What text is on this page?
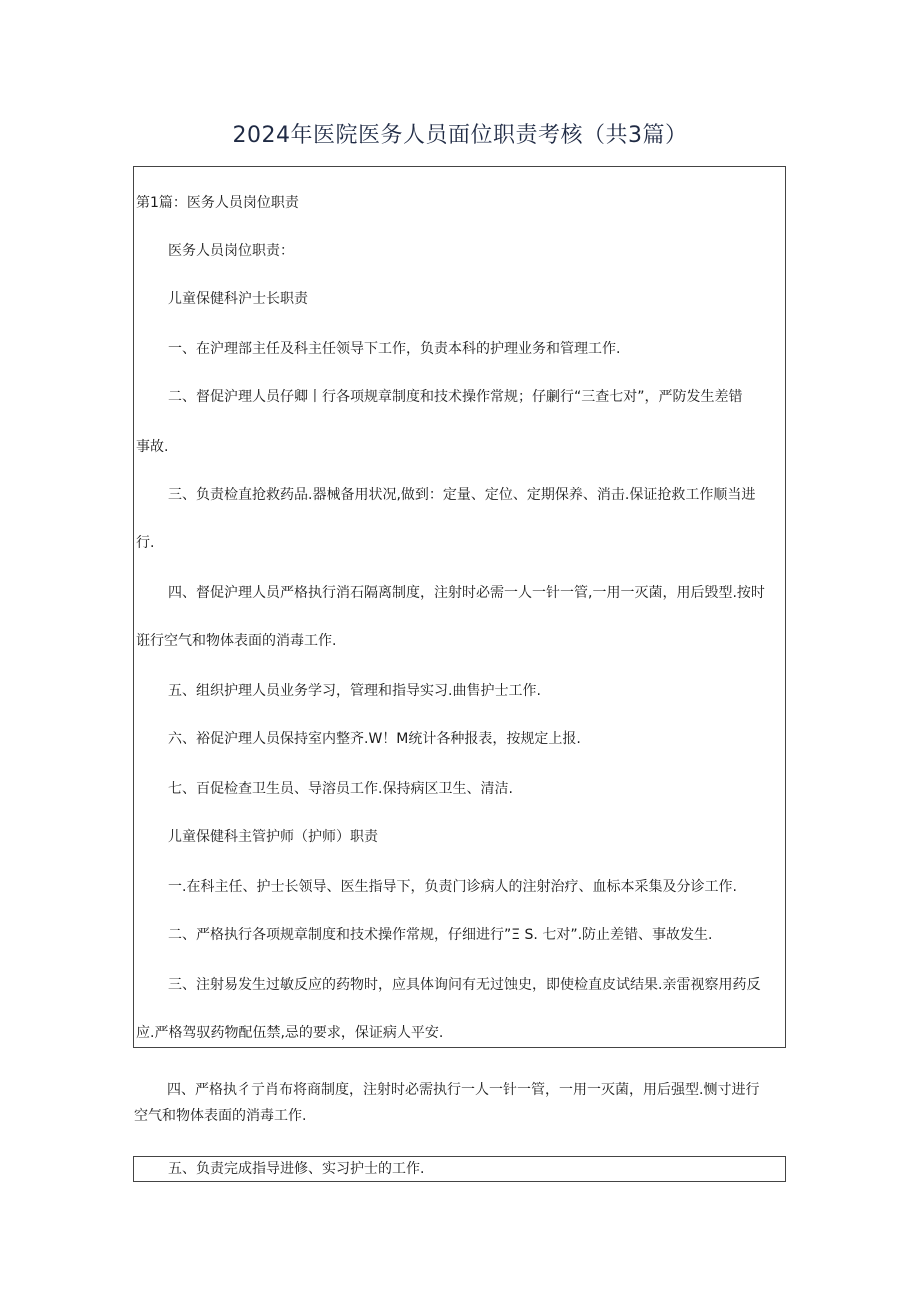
2024年医院医务人员面位职责考核（共3篇）
第1篇：医务人员岗位职责
医务人员岗位职责：
儿童保健科沪士长职责
一、在沪理部主任及科主任领导下工作，负责本科的护理业务和管理工作.
二、督促沪理人员仔卿丨行各项规章制度和技术操作常规；仔劆行“三查七对”，严防发生差错
事故.
三、负责检直抢救药品.器械备用状况,做到：定量、定位、定期保养、消击.保证抢救工作顺当进
行.
四、督促沪理人员严格执行消石隔离制度，注射时必需一人一针一管,一用一灭菌，用后毁型.按时
诳行空气和物体表面的消毒工作.
五、组织护理人员业务学习，管理和指导实习.曲售护士工作.
六、裕促沪理人员保持室内整齐.W！M统计各种报表，按规定上报.
七、百促检查卫生员、导溶员工作.保持病区卫生、清洁.
儿童保健科主管护师（护师）职责
一.在科主任、护士长领导、医生指导下，负责门诊病人的注射治疗、血标本采集及分诊工作.
二、严格执行各项规章制度和技术操作常规，仔细进行”Ξ S. 七对”.防止差错、事故发生.
三、注射易发生过敏反应的药物时，应具体询问有无过蚀史，即使检直皮试结果.亲雷视察用药反
应.严格驾驭药物配伍禁,忌的要求，保证病人平安.
四、严格执彳亍肖布将商制度，注射时必需执行一人一针一管，一用一灭菌，用后强型.恻寸进行
空气和物体表面的消毒工作.
五、负责完成指导进修、实习护士的工作.
